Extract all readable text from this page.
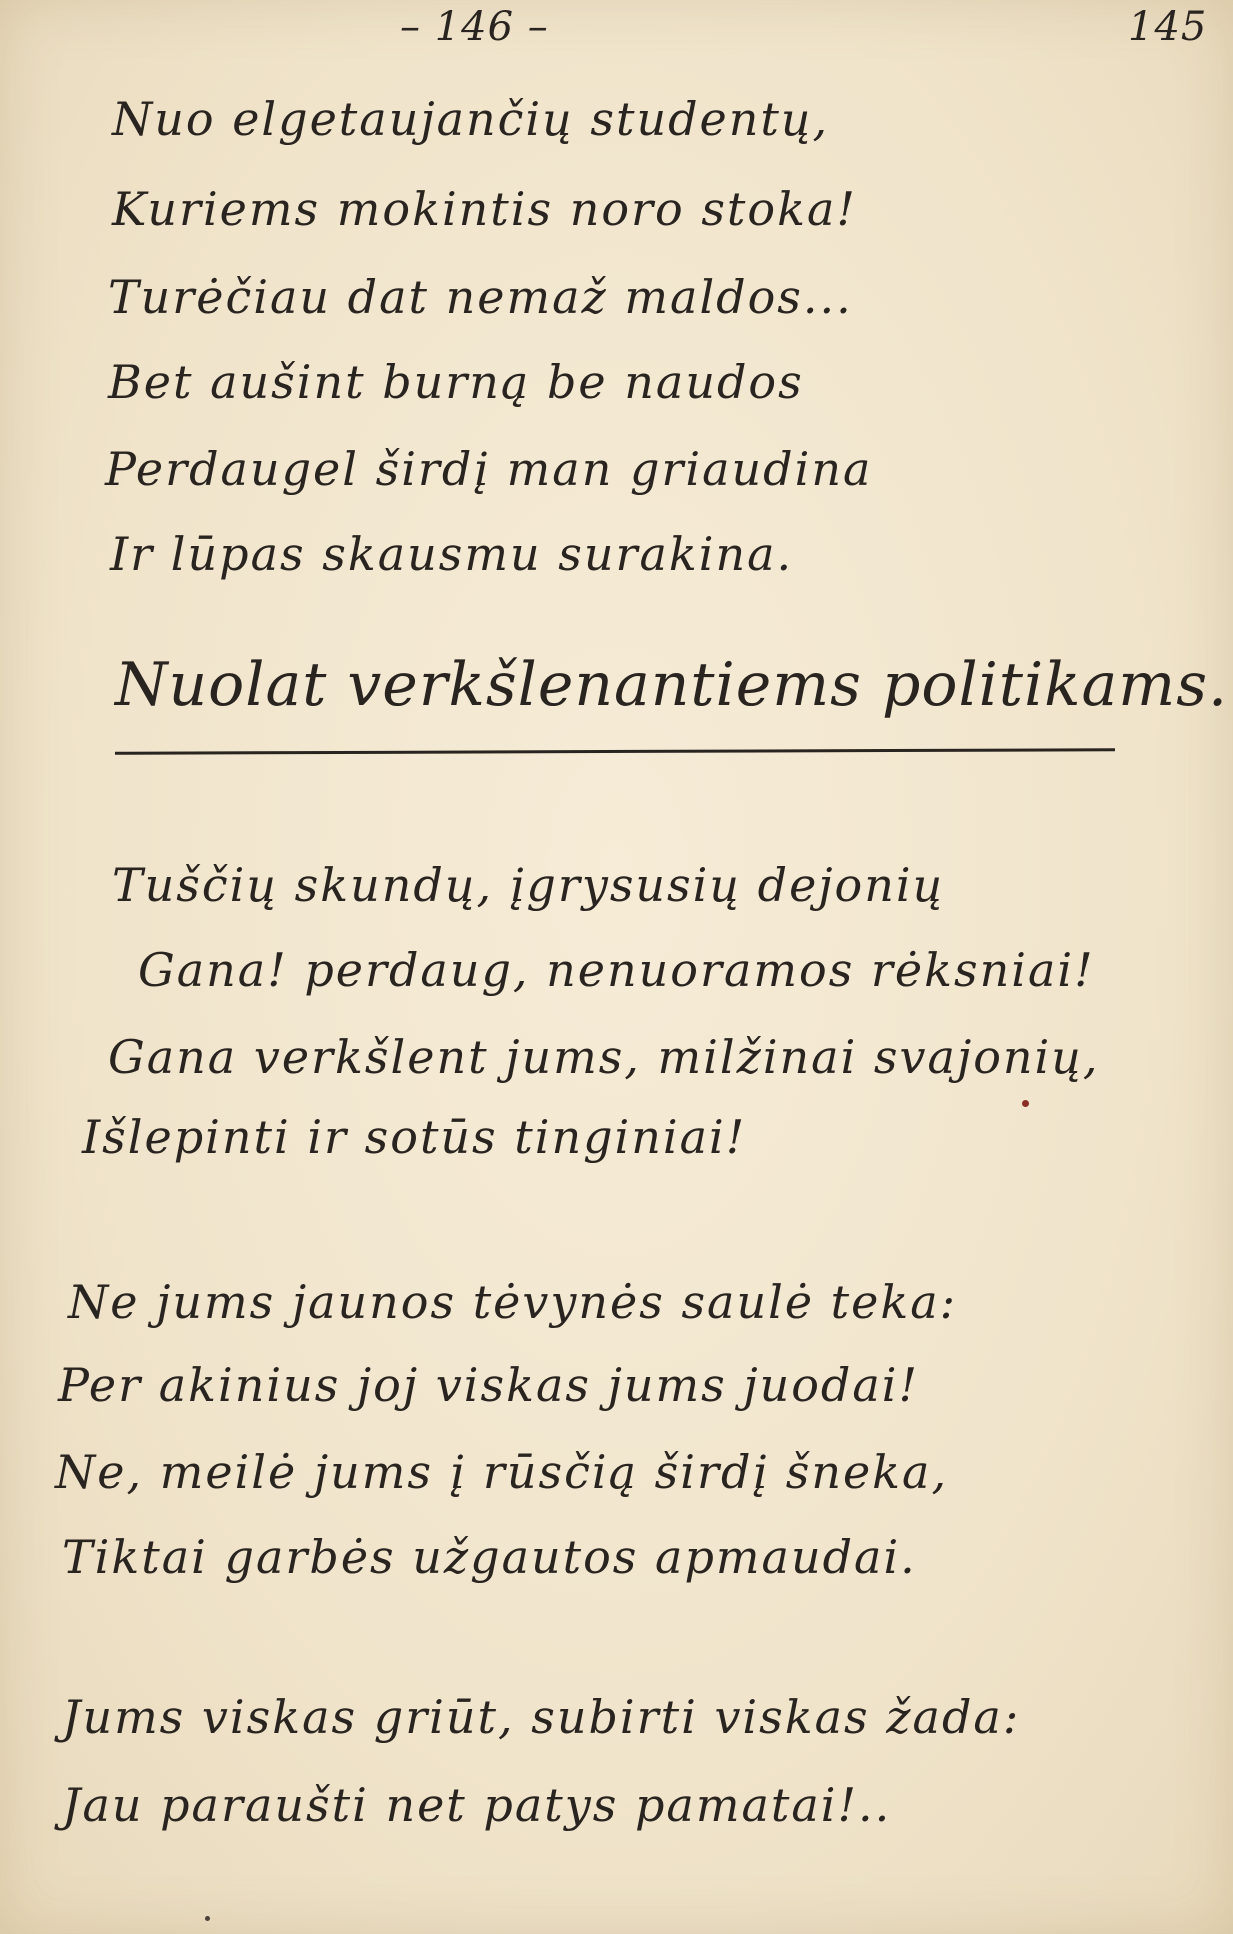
– 146 –	145
Nuo elgetaujančių studentų,
Kuriems mokintis noro stoka!
Turėčiau dat nemaž maldos...
Bet aušint burną be naudos
Perdaugel širdį man griaudina
Ir lūpas skausmu surakina.
Nuolat verkšlenantiems politikams.
Tuščių skundų, įgrysusių dejonių
Gana! perdaug, nenuoramos rėksniai!
Gana verkšlent jums, milžinai svajonių,
Išlepinti ir sotūs tinginiai!
Ne jums jaunos tėvynės saulė teka:
Per akinius joj viskas jums juodai!
Ne, meilė jums į rūsčią širdį šneka,
Tiktai garbės užgautos apmaudai.
Jums viskas griūt, subirti viskas žada:
Jau paraušti net patys pamatai!..
